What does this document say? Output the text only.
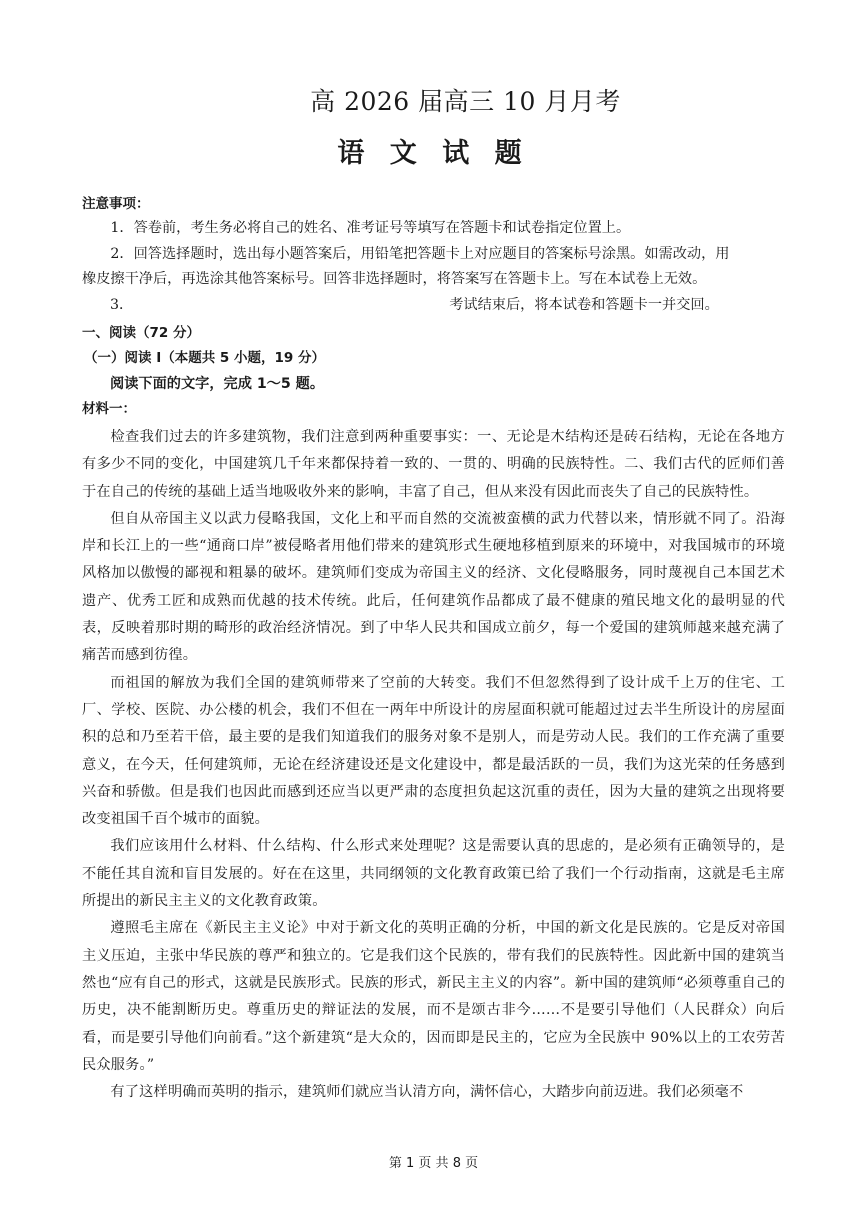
高 2026 届高三 10 月月考
语 文 试 题
注意事项：

1．答卷前，考生务必将自己的姓名、准考证号等填写在答题卡和试卷指定位置上。

2．回答选择题时，选出每小题答案后，用铅笔把答题卡上对应题目的答案标号涂黑。如需改动，用

橡皮擦干净后，再选涂其他答案标号。回答非选择题时，将答案写在答题卡上。写在本试卷上无效。

3．	考试结束后，将本试卷和答题卡一并交回。
一、阅读（72 分）
（一）阅读 I（本题共 5 小题，19 分）
阅读下面的文字，完成 1～5 题。
材料一：

检查我们过去的许多建筑物，我们注意到两种重要事实：一、无论是木结构还是砖石结构，无论在各地方有多少不同的变化，中国建筑几千年来都保持着一致的、一贯的、明确的民族特性。二、我们古代的匠师们善于在自己的传统的基础上适当地吸收外来的影响，丰富了自己，但从来没有因此而丧失了自己的民族特性。

但自从帝国主义以武力侵略我国，文化上和平而自然的交流被蛮横的武力代替以来，情形就不同了。沿海岸和长江上的一些“通商口岸”被侵略者用他们带来的建筑形式生硬地移植到原来的环境中，对我国城市的环境风格加以傲慢的鄙视和粗暴的破坏。建筑师们变成为帝国主义的经济、文化侵略服务，同时蔑视自己本国艺术遗产、优秀工匠和成熟而优越的技术传统。此后，任何建筑作品都成了最不健康的殖民地文化的最明显的代表，反映着那时期的畸形的政治经济情况。到了中华人民共和国成立前夕，每一个爱国的建筑师越来越充满了痛苦而感到彷徨。

而祖国的解放为我们全国的建筑师带来了空前的大转变。我们不但忽然得到了设计成千上万的住宅、工厂、学校、医院、办公楼的机会，我们不但在一两年中所设计的房屋面积就可能超过过去半生所设计的房屋面积的总和乃至若干倍，最主要的是我们知道我们的服务对象不是别人，而是劳动人民。我们的工作充满了重要意义，在今天，任何建筑师，无论在经济建设还是文化建设中，都是最活跃的一员，我们为这光荣的任务感到兴奋和骄傲。但是我们也因此而感到还应当以更严肃的态度担负起这沉重的责任，因为大量的建筑之出现将要改变祖国千百个城市的面貌。

我们应该用什么材料、什么结构、什么形式来处理呢？这是需要认真的思虑的，是必须有正确领导的，是不能任其自流和盲目发展的。好在在这里，共同纲领的文化教育政策已给了我们一个行动指南，这就是毛主席所提出的新民主主义的文化教育政策。

遵照毛主席在《新民主主义论》中对于新文化的英明正确的分析，中国的新文化是民族的。它是反对帝国主义压迫，主张中华民族的尊严和独立的。它是我们这个民族的，带有我们的民族特性。因此新中国的建筑当然也“应有自己的形式，这就是民族形式。民族的形式，新民主主义的内容”。新中国的建筑师“必须尊重自己的历史，决不能割断历史。尊重历史的辩证法的发展，而不是颂古非今……不是要引导他们（人民群众）向后看，而是要引导他们向前看。”这个新建筑“是大众的，因而即是民主的，它应为全民族中 90%以上的工农劳苦民众服务。”

有了这样明确而英明的指示，建筑师们就应当认清方向，满怀信心，大踏步向前迈进。我们必须毫不

第 1 页 共 8 页
